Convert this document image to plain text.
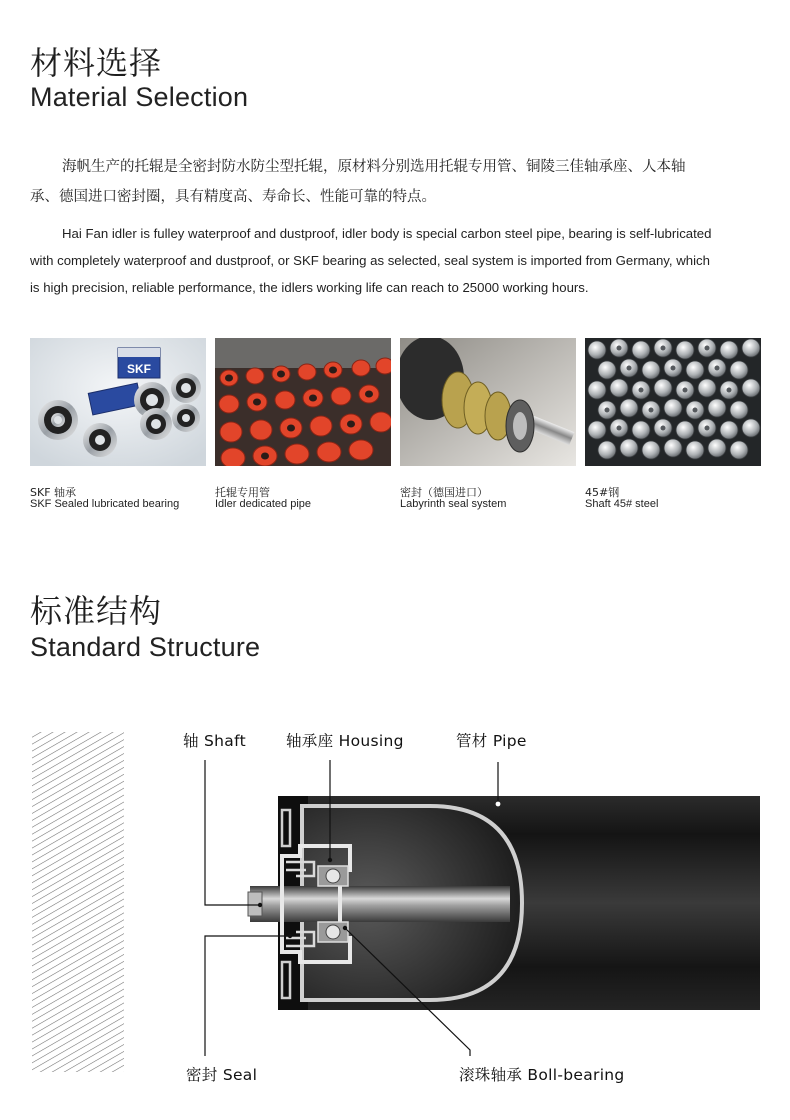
材料选择
Material Selection
海帆生产的托辊是全密封防水防尘型托辊，原材料分别选用托辊专用管、铜陵三佳轴承座、人本轴
承、德国进口密封圈，具有精度高、寿命长、性能可靠的特点。
Hai Fan idler is fulley waterproof and dustproof, idler body is special carbon steel pipe, bearing is self-lubricated
with completely waterproof and dustproof, or SKF bearing as selected, seal system is imported from Germany, which
is high precision, reliable performance, the idlers working life can reach to 25000 working hours.
SKF
SKF 轴承
SKF Sealed lubricated bearing
托辊专用管
Idler dedicated pipe
密封（德国进口）
Labyrinth seal system
45#钢
Shaft 45# steel
标准结构
Standard Structure
轴 Shaft	轴承座 Housing	管材 Pipe
密封 Seal	滚珠轴承 Boll-bearing
